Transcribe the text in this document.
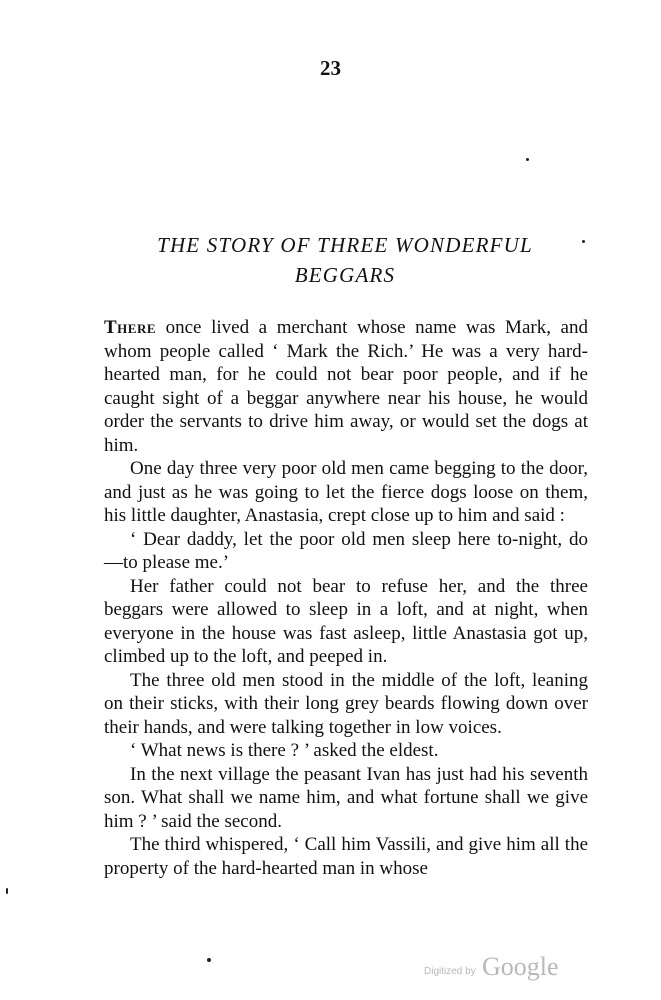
23
THE STORY OF THREE WONDERFUL
BEGGARS

There once lived a merchant whose name was Mark, and whom people called ‘ Mark the Rich.’ He was a very hard-hearted man, for he could not bear poor people, and if he caught sight of a beggar anywhere near his house, he would order the servants to drive him away, or would set the dogs at him.

One day three very poor old men came begging to the door, and just as he was going to let the fierce dogs loose on them, his little daughter, Anastasia, crept close up to him and said :

‘ Dear daddy, let the poor old men sleep here to-night, do —to please me.’

Her father could not bear to refuse her, and the three beggars were allowed to sleep in a loft, and at night, when everyone in the house was fast asleep, little Anastasia got up, climbed up to the loft, and peeped in.

The three old men stood in the middle of the loft, leaning on their sticks, with their long grey beards flowing down over their hands, and were talking together in low voices.

‘ What news is there ? ’ asked the eldest.

In the next village the peasant Ivan has just had his seventh son. What shall we name him, and what fortune shall we give him ? ’ said the second.

The third whispered, ‘ Call him Vassili, and give him all the property of the hard-hearted man in whose

Digitized by Google
